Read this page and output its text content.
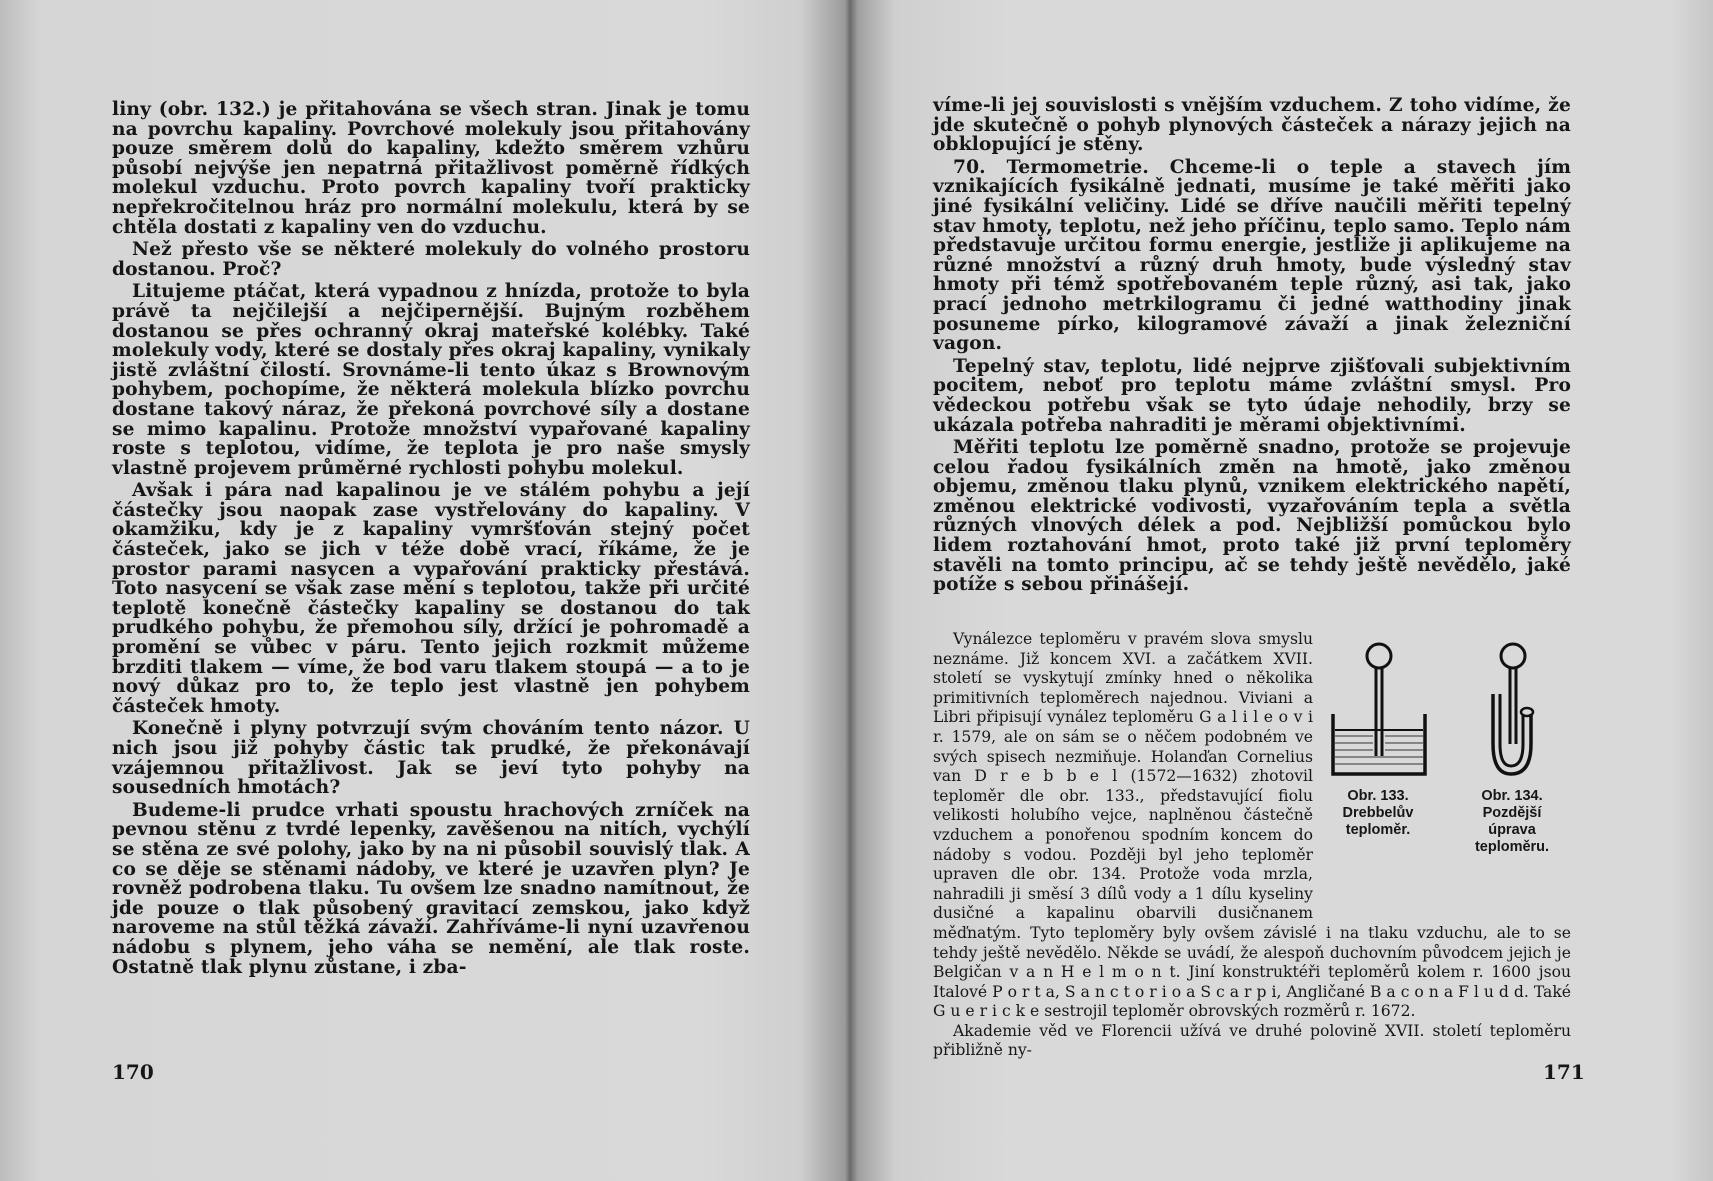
liny (obr. 132.) je přitahována se všech stran. Jinak je tomu na povrchu kapaliny. Povrchové molekuly jsou přitahovány pouze směrem dolů do kapaliny, kdežto směrem vzhůru působí nejvýše jen nepatrná přitažlivost poměrně řídkých molekul vzduchu. Proto povrch kapaliny tvoří prakticky nepřekročitelnou hráz pro normální molekulu, která by se chtěla dostati z kapaliny ven do vzduchu.

Než přesto vše se některé molekuly do volného prostoru dostanou. Proč?

Litujeme ptáčat, která vypadnou z hnízda, protože to byla právě ta nejčilejší a nejčipernější. Bujným rozběhem dostanou se přes ochranný okraj mateřské kolébky. Také molekuly vody, které se dostaly přes okraj kapaliny, vynikaly jistě zvláštní čilostí. Srovnáme-li tento úkaz s Brownovým pohybem, pochopíme, že některá molekula blízko povrchu dostane takový náraz, že překoná povrchové síly a dostane se mimo kapalinu. Protože množství vypařované kapaliny roste s teplotou, vidíme, že teplota je pro naše smysly vlastně projevem průměrné rychlosti pohybu molekul.

Avšak i pára nad kapalinou je ve stálém pohybu a její částečky jsou naopak zase vystřelovány do kapaliny. V okamžiku, kdy je z kapaliny vymršťován stejný počet částeček, jako se jich v téže době vrací, říkáme, že je prostor parami nasycen a vypařování prakticky přestává. Toto nasycení se však zase mění s teplotou, takže při určité teplotě konečně částečky kapaliny se dostanou do tak prudkého pohybu, že přemohou síly, držící je pohromadě a promění se vůbec v páru. Tento jejich rozkmit můžeme brzditi tlakem — víme, že bod varu tlakem stoupá — a to je nový důkaz pro to, že teplo jest vlastně jen pohybem částeček hmoty.

Konečně i plyny potvrzují svým chováním tento názor. U nich jsou již pohyby částic tak prudké, že překonávají vzájemnou přitažlivost. Jak se jeví tyto pohyby na sousedních hmotách?

Budeme-li prudce vrhati spoustu hrachových zrníček na pevnou stěnu z tvrdé lepenky, zavěšenou na nitích, vychýlí se stěna ze své polohy, jako by na ni působil souvislý tlak. A co se děje se stěnami nádoby, ve které je uzavřen plyn? Je rovněž podrobena tlaku. Tu ovšem lze snadno namítnout, že jde pouze o tlak působený gravitací zemskou, jako když naroveme na stůl těžká závaží. Zahříváme-li nyní uzavřenou nádobu s plynem, jeho váha se nemění, ale tlak roste. Ostatně tlak plynu zůstane, i zba-

170

víme-li jej souvislosti s vnějším vzduchem. Z toho vidíme, že jde skutečně o pohyb plynových částeček a nárazy jejich na obklopující je stěny.

70. Termometrie. Chceme-li o teple a stavech jím vznikajících fysikálně jednati, musíme je také měřiti jako jiné fysikální veličiny. Lidé se dříve naučili měřiti tepelný stav hmoty, teplotu, než jeho příčinu, teplo samo. Teplo nám představuje určitou formu energie, jestliže ji aplikujeme na různé množství a různý druh hmoty, bude výsledný stav hmoty při témž spotřebovaném teple různý, asi tak, jako prací jednoho metrkilogramu či jedné watthodiny jinak posuneme pírko, kilogramové závaží a jinak železniční vagon.

Tepelný stav, teplotu, lidé nejprve zjišťovali subjektivním pocitem, neboť pro teplotu máme zvláštní smysl. Pro vědeckou potřebu však se tyto údaje nehodily, brzy se ukázala potřeba nahraditi je měrami objektivními.

Měřiti teplotu lze poměrně snadno, protože se projevuje celou řadou fysikálních změn na hmotě, jako změnou objemu, změnou tlaku plynů, vznikem elektrického napětí, změnou elektrické vodivosti, vyzařováním tepla a světla různých vlnových délek a pod. Nejbližší pomůckou bylo lidem roztahování hmot, proto také již první teploměry stavěli na tomto principu, ač se tehdy ještě nevědělo, jaké potíže s sebou přinášejí.

Obr. 133.
Drebbelův
teploměr.
Obr. 134.
Pozdější
úprava
teploměru.

Vynálezce teploměru v pravém slova smyslu neznáme. Již koncem XVI. a začátkem XVII. století se vyskytují zmínky hned o několika primitivních teploměrech najednou. Viviani a Libri připisují vynález teploměru G a l i l e o v i r. 1579, ale on sám se o něčem podobném ve svých spisech nezmiňuje. Holanďan Cornelius van D r e b b e l (1572—1632) zhotovil teploměr dle obr. 133., představující fiolu velikosti holubího vejce, naplněnou částečně vzduchem a ponořenou spodním koncem do nádoby s vodou. Později byl jeho teploměr upraven dle obr. 134. Protože voda mrzla, nahradili ji směsí 3 dílů vody a 1 dílu kyseliny dusičné a kapalinu obarvili dusičnanem měďnatým. Tyto teploměry byly ovšem závislé i na tlaku vzduchu, ale to se tehdy ještě nevědělo. Někde se uvádí, že alespoň duchovním původcem jejich je Belgičan v a n H e l m o n t. Jiní konstruktéři teploměrů kolem r. 1600 jsou Italové P o r t a, S a n c t o r i o a S c a r p i, Angličané B a c o n a F l u d d. Také G u e r i c k e sestrojil teploměr obrovských rozměrů r. 1672.

Akademie věd ve Florencii užívá ve druhé polovině XVII. století teploměru přibližně ny-

171
